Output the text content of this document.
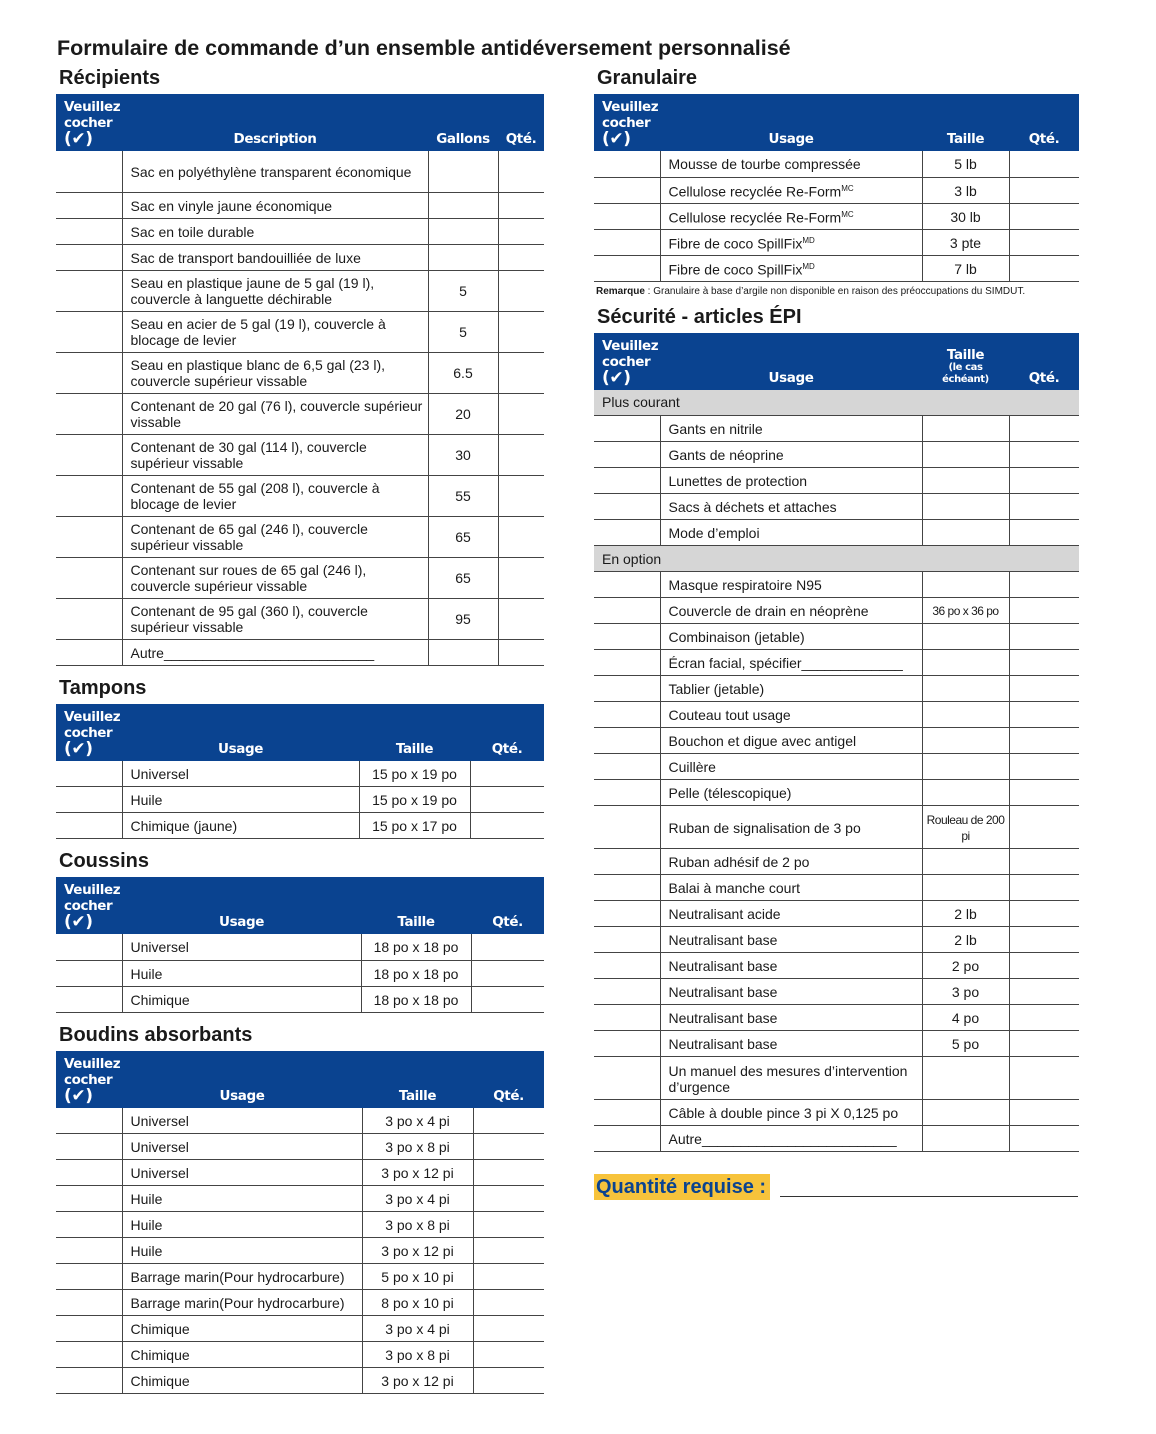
Formulaire de commande d’un ensemble antidéversement personnalisé
Récipients
Veuillez
cocher
(✔)	Description	Gallons	Qté.
	Sac en polyéthylène transparent économique		
	Sac en vinyle jaune économique		
	Sac en toile durable		
	Sac de transport bandouilliée de luxe		
	Seau en plastique jaune de 5 gal (19 l), couvercle à languette déchirable	5	
	Seau en acier de 5 gal (19 l), couvercle à blocage de levier	5	
	Seau en plastique blanc de 6,5 gal (23 l), couvercle supérieur vissable	6.5	
	Contenant de 20 gal (76 l), couvercle supérieur vissable	20	
	Contenant de 30 gal (114 l), couvercle supérieur vissable	30	
	Contenant de 55 gal (208 l), couvercle à blocage de levier	55	
	Contenant de 65 gal (246 l), couvercle supérieur vissable	65	
	Contenant sur roues de 65 gal (246 l), couvercle supérieur vissable	65	
	Contenant de 95 gal (360 l), couvercle supérieur vissable	95	
	Autre___________________________		
Tampons
Veuillez
cocher
(✔)	Usage	Taille	Qté.
	Universel	15 po x 19 po	
	Huile	15 po x 19 po	
	Chimique (jaune)	15 po x 17 po	
Coussins
Veuillez
cocher
(✔)	Usage	Taille	Qté.
	Universel	18 po x 18 po	
	Huile	18 po x 18 po	
	Chimique	18 po x 18 po	
Boudins absorbants
Veuillez
cocher
(✔)	Usage	Taille	Qté.
	Universel	3 po x 4 pi	
	Universel	3 po x 8 pi	
	Universel	3 po x 12 pi	
	Huile	3 po x 4 pi	
	Huile	3 po x 8 pi	
	Huile	3 po x 12 pi	
	Barrage marin(Pour hydrocarbure)	5 po x 10 pi	
	Barrage marin(Pour hydrocarbure)	8 po x 10 pi	
	Chimique	3 po x 4 pi	
	Chimique	3 po x 8 pi	
	Chimique	3 po x 12 pi	
Granulaire
Veuillez
cocher
(✔)	Usage	Taille	Qté.
	Mousse de tourbe compressée	5 lb	
	Cellulose recyclée Re-Form$^{MC}$	3 lb	
	Cellulose recyclée Re-Form$^{MC}$	30 lb	
	Fibre de coco SpillFix$^{MD}$	3 pte	
	Fibre de coco SpillFix$^{MD}$	7 lb	
Remarque : Granulaire à base d’argile non disponible en raison des préoccupations du SIMDUT.
Sécurité - articles ÉPI
Veuillez
cocher
(✔)	Usage	Taille
(le cas
échéant)	Qté.
Plus courant			
	Gants en nitrile		
	Gants de néoprine		
	Lunettes de protection		
	Sacs à déchets et attaches		
	Mode d’emploi		
En option			
	Masque respiratoire N95		
	Couvercle de drain en néoprène	36 po x 36 po	
	Combinaison (jetable)		
	Écran facial, spécifier_____________		
	Tablier (jetable)		
	Couteau tout usage		
	Bouchon et digue avec antigel		
	Cuillère		
	Pelle (télescopique)		
	Ruban de signalisation de 3 po	Rouleau de 200 pi	
	Ruban adhésif de 2 po		
	Balai à manche court		
	Neutralisant acide	2 lb	
	Neutralisant base	2 lb	
	Neutralisant base	2 po	
	Neutralisant base	3 po	
	Neutralisant base	4 po	
	Neutralisant base	5 po	
	Un manuel des mesures d’intervention d’urgence		
	Câble à double pince 3 pi X 0,125 po		
	Autre_________________________		
Quantité requise :
